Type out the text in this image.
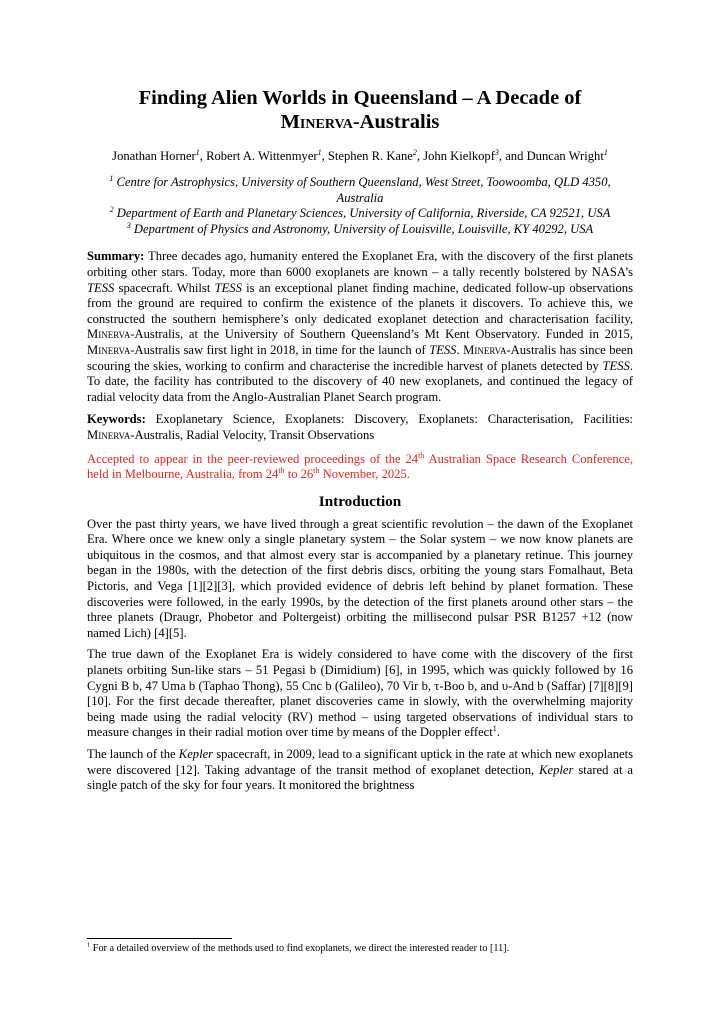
Finding Alien Worlds in Queensland – A Decade of
Minerva-Australis
Jonathan Horner$^1$, Robert A. Wittenmyer$^1$, Stephen R. Kane$^2$, John Kielkopf$^3$, and Duncan Wright$^1$

$^1$ Centre for Astrophysics, University of Southern Queensland, West Street, Toowoomba, QLD 4350, Australia

$^2$ Department of Earth and Planetary Sciences, University of California, Riverside, CA 92521, USA

$^3$ Department of Physics and Astronomy, University of Louisville, Louisville, KY 40292, USA

Summary: Three decades ago, humanity entered the Exoplanet Era, with the discovery of the first planets orbiting other stars. Today, more than 6000 exoplanets are known – a tally recently bolstered by NASA’s TESS spacecraft. Whilst TESS is an exceptional planet finding machine, dedicated follow-up observations from the ground are required to confirm the existence of the planets it discovers. To achieve this, we constructed the southern hemisphere’s only dedicated exoplanet detection and characterisation facility, Minerva-Australis, at the University of Southern Queensland’s Mt Kent Observatory. Funded in 2015, Minerva-Australis saw first light in 2018, in time for the launch of TESS. Minerva-Australis has since been scouring the skies, working to confirm and characterise the incredible harvest of planets detected by TESS. To date, the facility has contributed to the discovery of 40 new exoplanets, and continued the legacy of radial velocity data from the Anglo-Australian Planet Search program.

Keywords: Exoplanetary Science, Exoplanets: Discovery, Exoplanets: Characterisation, Facilities: Minerva-Australis, Radial Velocity, Transit Observations

Accepted to appear in the peer-reviewed proceedings of the 24th Australian Space Research Conference, held in Melbourne, Australia, from 24th to 26th November, 2025.

Introduction

Over the past thirty years, we have lived through a great scientific revolution – the dawn of the Exoplanet Era. Where once we knew only a single planetary system – the Solar system – we now know planets are ubiquitous in the cosmos, and that almost every star is accompanied by a planetary retinue. This journey began in the 1980s, with the detection of the first debris discs, orbiting the young stars Fomalhaut, Beta Pictoris, and Vega [1][2][3], which provided evidence of debris left behind by planet formation. These discoveries were followed, in the early 1990s, by the detection of the first planets around other stars – the three planets (Draugr, Phobetor and Poltergeist) orbiting the millisecond pulsar PSR B1257 +12 (now named Lich) [4][5].

The true dawn of the Exoplanet Era is widely considered to have come with the discovery of the first planets orbiting Sun-like stars – 51 Pegasi b (Dimidium) [6], in 1995, which was quickly followed by 16 Cygni B b, 47 Uma b (Taphao Thong), 55 Cnc b (Galileo), 70 Vir b, τ-Boo b, and υ-And b (Saffar) [7][8][9][10]. For the first decade thereafter, planet discoveries came in slowly, with the overwhelming majority being made using the radial velocity (RV) method – using targeted observations of individual stars to measure changes in their radial motion over time by means of the Doppler effect$^1$.

The launch of the Kepler spacecraft, in 2009, lead to a significant uptick in the rate at which new exoplanets were discovered [12]. Taking advantage of the transit method of exoplanet detection, Kepler stared at a single patch of the sky for four years. It monitored the brightness

$^1$ For a detailed overview of the methods used to find exoplanets, we direct the interested reader to [11].
